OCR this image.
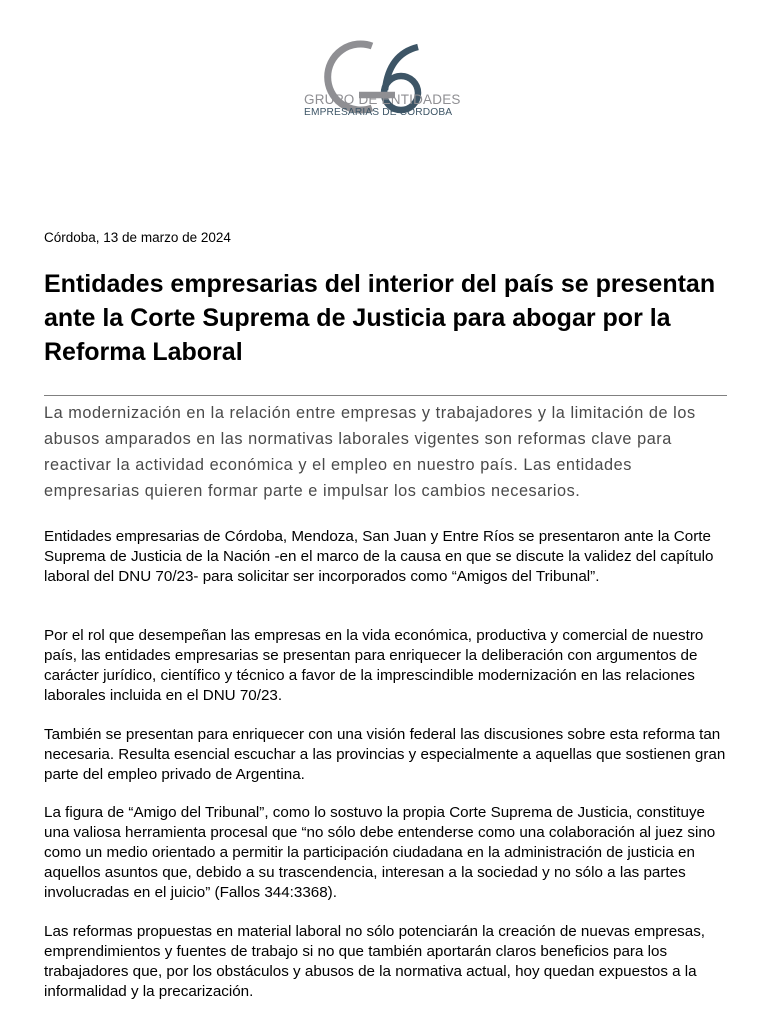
GRUPO DE ENTIDADES
EMPRESARIAS DE CÓRDOBA
Córdoba, 13 de marzo de 2024
Entidades empresarias del interior del país se presentan ante la Corte Suprema de Justicia para abogar por la Reforma Laboral

La modernización en la relación entre empresas y trabajadores y la limitación de los abusos amparados en las normativas laborales vigentes son reformas clave para reactivar la actividad económica y el empleo en nuestro país. Las entidades empresarias quieren formar parte e impulsar los cambios necesarios.

Entidades empresarias de Córdoba, Mendoza, San Juan y Entre Ríos se presentaron ante la Corte Suprema de Justicia de la Nación -en el marco de la causa en que se discute la validez del capítulo laboral del DNU 70/23- para solicitar ser incorporados como “Amigos del Tribunal”.

Por el rol que desempeñan las empresas en la vida económica, productiva y comercial de nuestro país, las entidades empresarias se presentan para enriquecer la deliberación con argumentos de carácter jurídico, científico y técnico a favor de la imprescindible modernización en las relaciones laborales incluida en el DNU 70/23.

También se presentan para enriquecer con una visión federal las discusiones sobre esta reforma tan necesaria. Resulta esencial escuchar a las provincias y especialmente a aquellas que sostienen gran parte del empleo privado de Argentina.

La figura de “Amigo del Tribunal”, como lo sostuvo la propia Corte Suprema de Justicia, constituye una valiosa herramienta procesal que “no sólo debe entenderse como una colaboración al juez sino como un medio orientado a permitir la participación ciudadana en la administración de justicia en aquellos asuntos que, debido a su trascendencia, interesan a la sociedad y no sólo a las partes involucradas en el juicio” (Fallos 344:3368).

Las reformas propuestas en material laboral no sólo potenciarán la creación de nuevas empresas, emprendimientos y fuentes de trabajo si no que también aportarán claros beneficios para los trabajadores que, por los obstáculos y abusos de la normativa actual, hoy quedan expuestos a la informalidad y la precarización.
